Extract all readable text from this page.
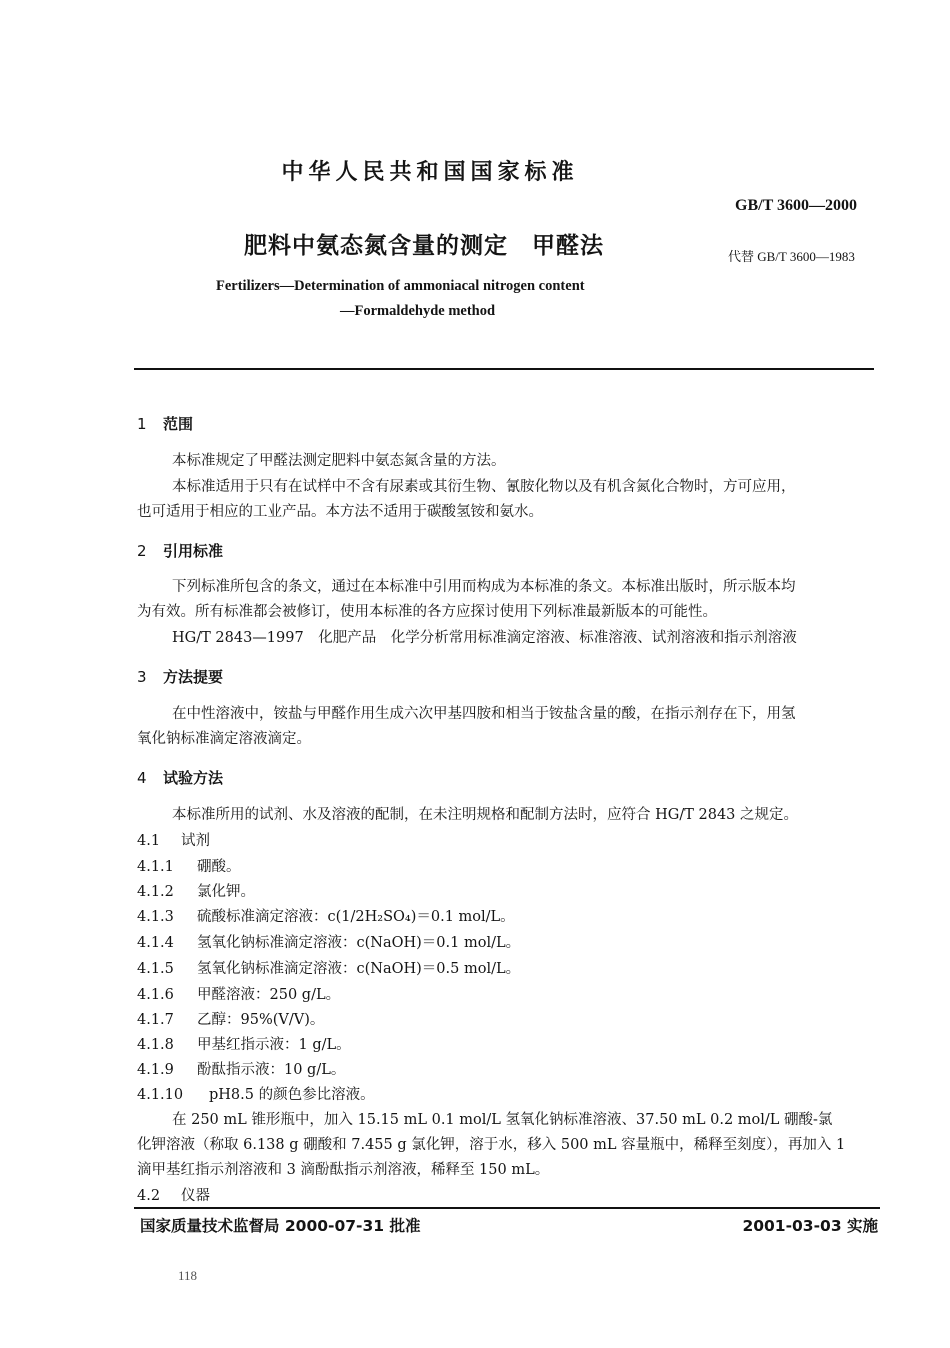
中华人民共和国国家标准
GB/T 3600—2000
肥料中氨态氮含量的测定　甲醛法	代替 GB/T 3600—1983
Fertilizers—Determination of ammoniacal nitrogen content
—Formaldehyde method
1 范围
本标准规定了甲醛法测定肥料中氨态氮含量的方法。
本标准适用于只有在试样中不含有尿素或其衍生物、氰胺化物以及有机含氮化合物时，方可应用，
也可适用于相应的工业产品。本方法不适用于碳酸氢铵和氨水。
2 引用标准
下列标准所包含的条文，通过在本标准中引用而构成为本标准的条文。本标准出版时，所示版本均
为有效。所有标准都会被修订，使用本标准的各方应探讨使用下列标准最新版本的可能性。
HG/T 2843—1997　化肥产品　化学分析常用标准滴定溶液、标准溶液、试剂溶液和指示剂溶液
3 方法提要
在中性溶液中，铵盐与甲醛作用生成六次甲基四胺和相当于铵盐含量的酸，在指示剂存在下，用氢
氧化钠标准滴定溶液滴定。
4 试验方法
本标准所用的试剂、水及溶液的配制，在未注明规格和配制方法时，应符合 HG/T 2843 之规定。
4.1 试剂
4.1.1 硼酸。
4.1.2 氯化钾。
4.1.3 硫酸标准滴定溶液：c(1/2H₂SO₄)＝0.1 mol/L。
4.1.4 氢氧化钠标准滴定溶液：c(NaOH)＝0.1 mol/L。
4.1.5 氢氧化钠标准滴定溶液：c(NaOH)＝0.5 mol/L。
4.1.6 甲醛溶液：250 g/L。
4.1.7 乙醇：95%(V/V)。
4.1.8 甲基红指示液：1 g/L。
4.1.9 酚酞指示液：10 g/L。
4.1.10 pH8.5 的颜色参比溶液。
在 250 mL 锥形瓶中，加入 15.15 mL 0.1 mol/L 氢氧化钠标准溶液、37.50 mL 0.2 mol/L 硼酸-氯
化钾溶液（称取 6.138 g 硼酸和 7.455 g 氯化钾，溶于水，移入 500 mL 容量瓶中，稀释至刻度），再加入 1
滴甲基红指示剂溶液和 3 滴酚酞指示剂溶液，稀释至 150 mL。
4.2 仪器
国家质量技术监督局 2000-07-31 批准	2001-03-03 实施
118
